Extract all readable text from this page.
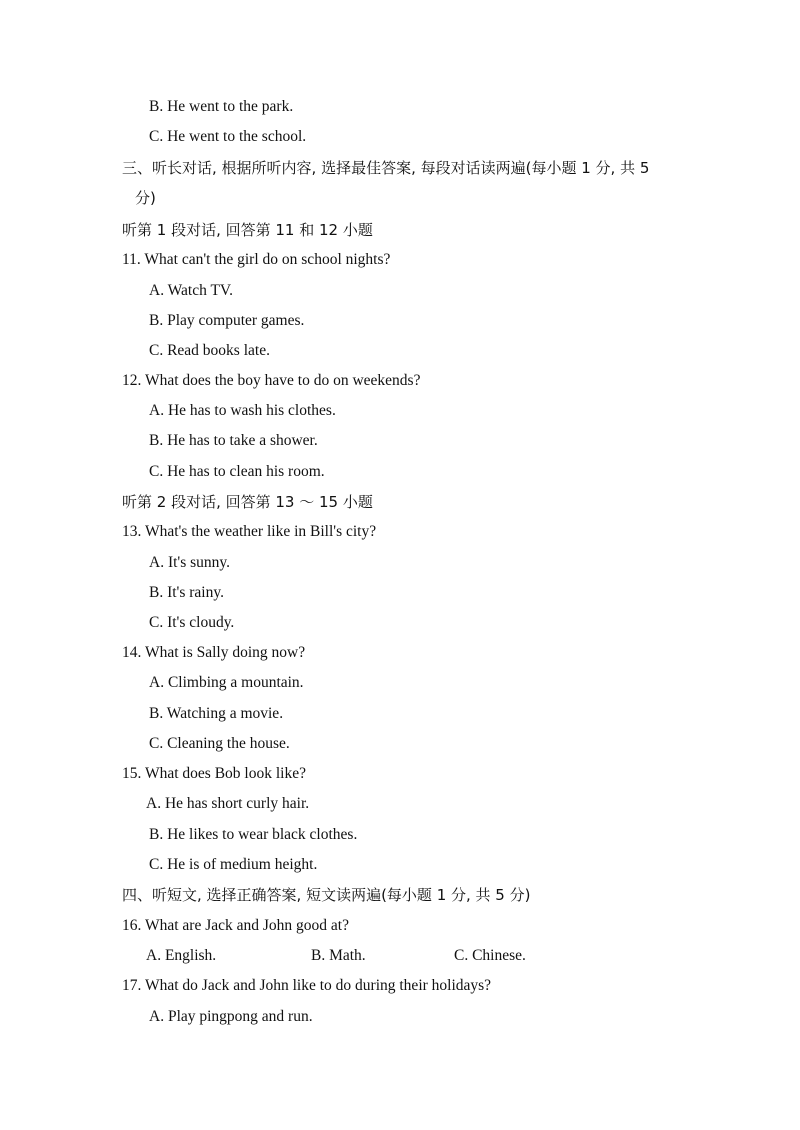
B. He went to the park.
C. He went to the school.
三、听长对话, 根据所听内容, 选择最佳答案, 每段对话读两遍(每小题 1 分, 共 5
分)
听第 1 段对话, 回答第 11 和 12 小题
11. What can't the girl do on school nights?
A. Watch TV.
B. Play computer games.
C. Read books late.
12. What does the boy have to do on weekends?
A. He has to wash his clothes.
B. He has to take a shower.
C. He has to clean his room.
听第 2 段对话, 回答第 13 ～ 15 小题
13. What's the weather like in Bill's city?
A. It's sunny.
B. It's rainy.
C. It's cloudy.
14. What is Sally doing now?
A. Climbing a mountain.
B. Watching a movie.
C. Cleaning the house.
15. What does Bob look like?
A. He has short curly hair.
B. He likes to wear black clothes.
C. He is of medium height.
四、听短文, 选择正确答案, 短文读两遍(每小题 1 分, 共 5 分)
16. What are Jack and John good at?
A. English.	B. Math.	C. Chinese.
17. What do Jack and John like to do during their holidays?
A. Play pingpong and run.
